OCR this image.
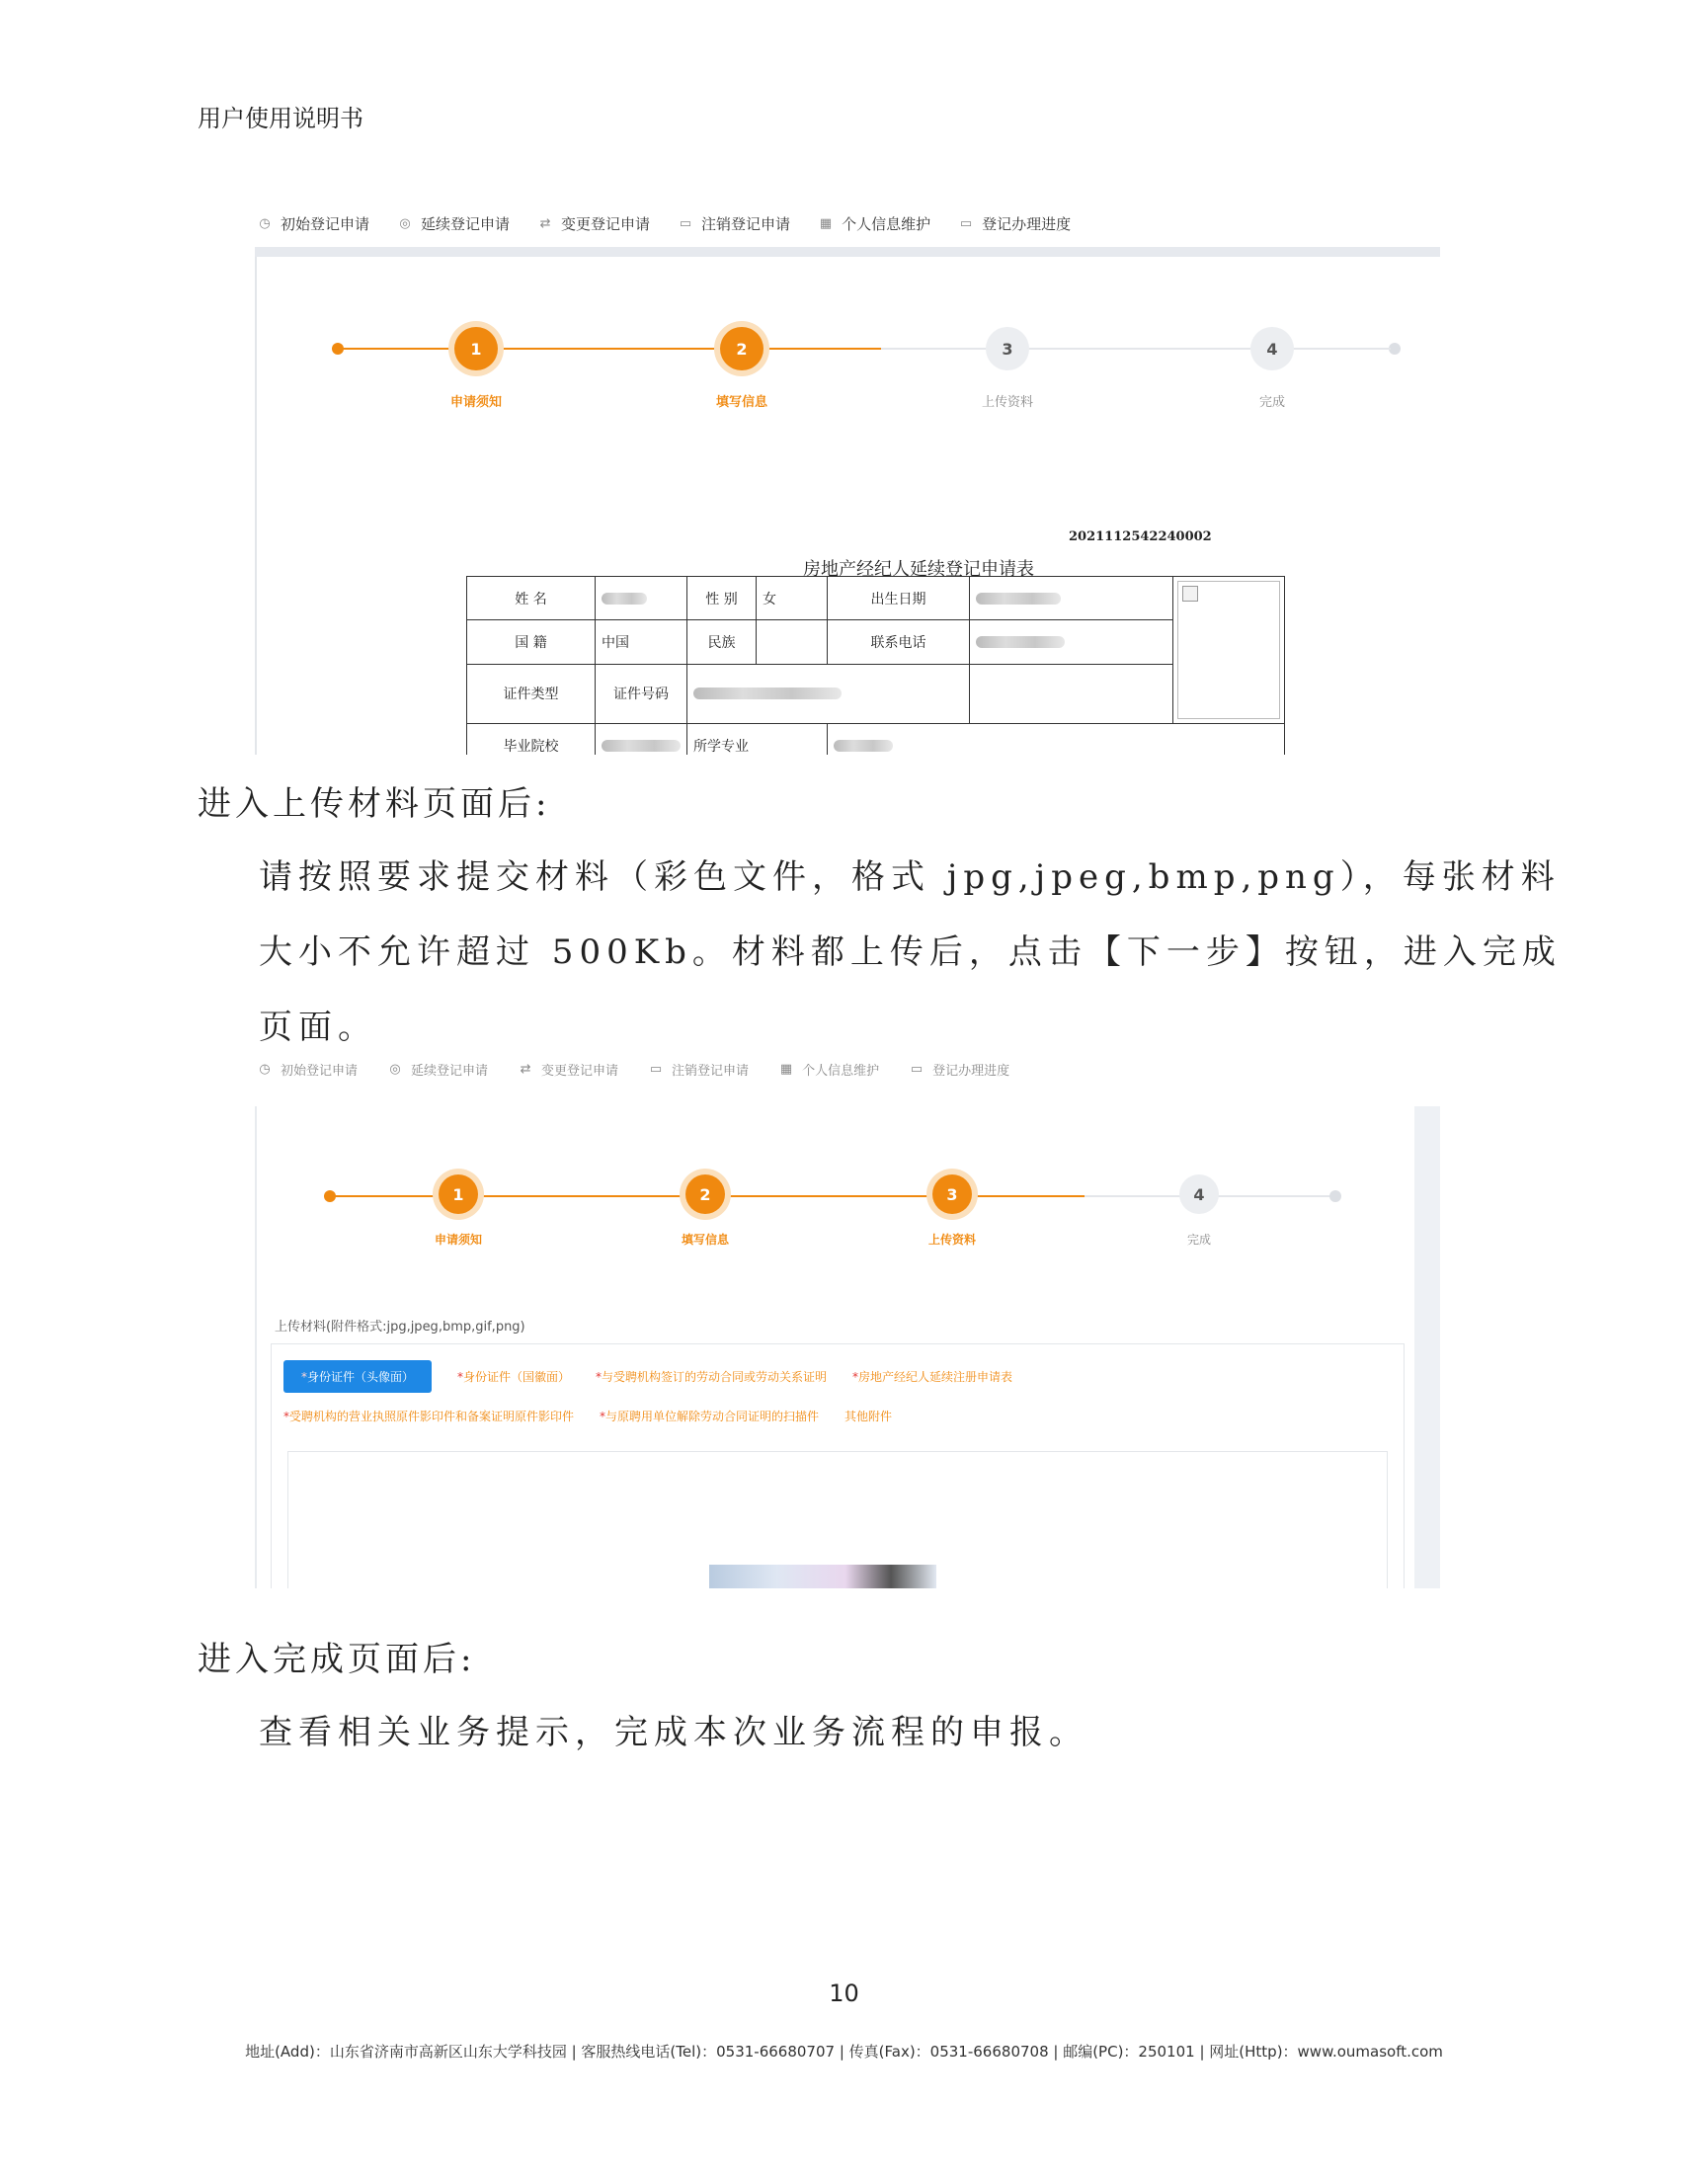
用户使用说明书
◷ 初始登记申请 ◎ 延续登记申请 ⇄ 变更登记申请 ▭ 注销登记申请 ▦ 个人信息维护 ▭ 登记办理进度
1	2	3	4
申请须知	填写信息	上传资料	完成
2021112542240002
房地产经纪人延续登记申请表
姓 名		性 别	女	出生日期			

国 籍	中国	民族		联系电话			
证件类型	证件号码						
毕业院校		所学专业					

进入上传材料页面后:
请按照要求提交材料（彩色文件，格式 jpg,jpeg,bmp,png），每张材料
大小不允许超过 500Kb。材料都上传后，点击【下一步】按钮，进入完成
页面。
◷ 初始登记申请 ◎ 延续登记申请	⇄ 变更登记申请 ▭ 注销登记申请 ▦ 个人信息维护 ▭ 登记办理进度
1	2	3	4
申请须知	填写信息	上传资料	完成
上传材料(附件格式:jpg,jpeg,bmp,gif,png)
*身份证件（头像面）	*身份证件（国徽面） *与受聘机构签订的劳动合同或劳动关系证明 *房地产经纪人延续注册申请表
*受聘机构的营业执照原件影印件和备案证明原件影印件 *与原聘用单位解除劳动合同证明的扫描件 其他附件
进入完成页面后:
查看相关业务提示，完成本次业务流程的申报。
10
地址(Add)：山东省济南市高新区山东大学科技园 | 客服热线电话(Tel)：0531-66680707 | 传真(Fax)：0531-66680708 | 邮编(PC)：250101 | 网址(Http)：www.oumasoft.com
